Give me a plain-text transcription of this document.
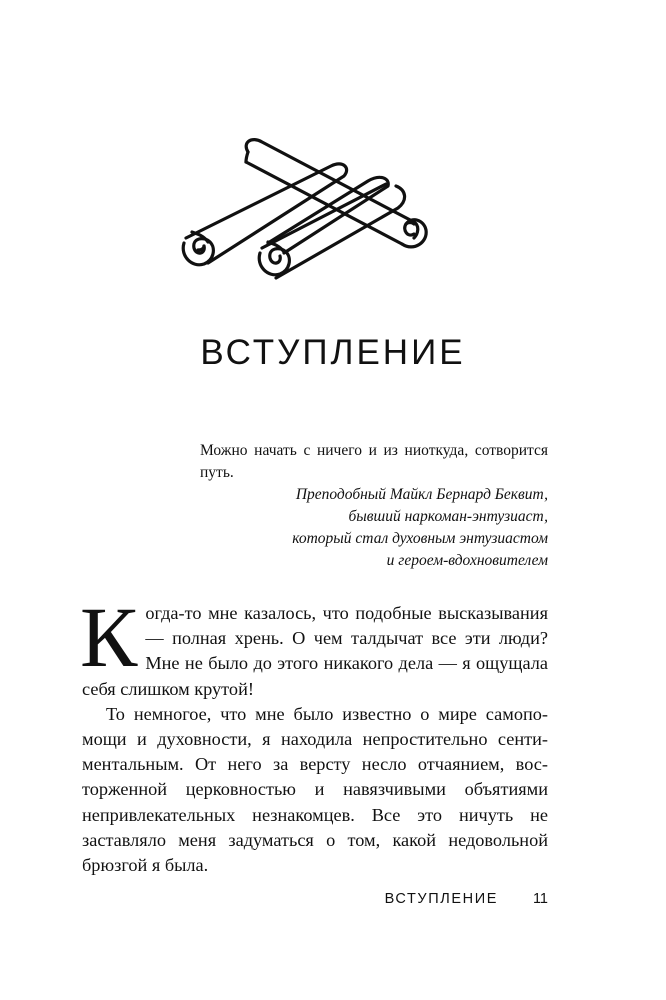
ВСТУПЛЕНИЕ
Можно начать с ничего и из ниоткуда, сотворится путь.
Преподобный Майкл Бернард Беквит,
бывший наркоман-энтузиаст,
который стал духовным энтузиастом
и героем-вдохновителем

Когда-то мне казалось, что подобные высказывания — полная хрень. О чем талдычат все эти люди? Мне не было до этого никакого дела — я ощущала себя слишком крутой!

То немногое, что мне было известно о мире самопомощи и духовности, я находила непростительно сентиментальным. От него за версту несло отчаянием, восторженной церковностью и навязчивыми объятиями непривлекательных незнакомцев. Все это ничуть не заставляло меня задуматься о том, какой недовольной брюзгой я была.

ВСТУПЛЕНИЕ 11
